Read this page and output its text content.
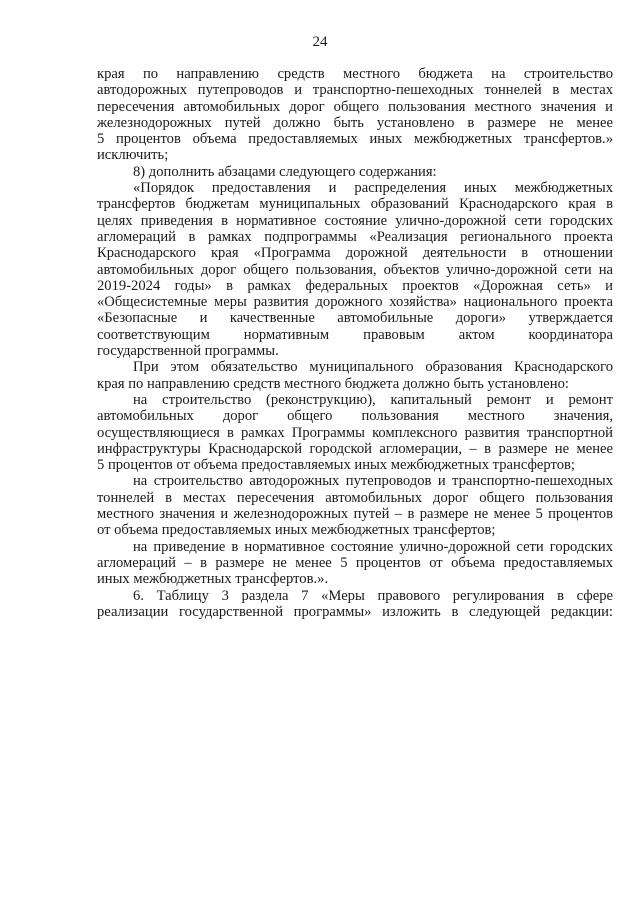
24
края по направлению средств местного бюджета на строительство
автодорожных путепроводов и транспортно-пешеходных тоннелей в местах
пересечения автомобильных дорог общего пользования местного значения и
железнодорожных путей должно быть установлено в размере не менее
5 процентов объема предоставляемых иных межбюджетных трансфертов.»
исключить;
8) дополнить абзацами следующего содержания:
«Порядок предоставления и распределения иных межбюджетных
трансфертов бюджетам муниципальных образований Краснодарского края в
целях приведения в нормативное состояние улично-дорожной сети городских
агломераций в рамках подпрограммы «Реализация регионального проекта
Краснодарского края «Программа дорожной деятельности в отношении
автомобильных дорог общего пользования, объектов улично-дорожной сети на
2019-2024 годы» в рамках федеральных проектов «Дорожная сеть» и
«Общесистемные меры развития дорожного хозяйства» национального проекта
«Безопасные и качественные автомобильные дороги» утверждается
соответствующим нормативным правовым актом координатора
государственной программы.
При этом обязательство муниципального образования Краснодарского
края по направлению средств местного бюджета должно быть установлено:
на строительство (реконструкцию), капитальный ремонт и ремонт
автомобильных дорог общего пользования местного значения,
осуществляющиеся в рамках Программы комплексного развития транспортной
инфраструктуры Краснодарской городской агломерации, – в размере не менее
5 процентов от объема предоставляемых иных межбюджетных трансфертов;
на строительство автодорожных путепроводов и транспортно-пешеходных
тоннелей в местах пересечения автомобильных дорог общего пользования
местного значения и железнодорожных путей – в размере не менее 5 процентов
от объема предоставляемых иных межбюджетных трансфертов;
на приведение в нормативное состояние улично-дорожной сети городских
агломераций – в размере не менее 5 процентов от объема предоставляемых
иных межбюджетных трансфертов.».
6. Таблицу 3 раздела 7 «Меры правового регулирования в сфере
реализации государственной программы» изложить в следующей редакции:
